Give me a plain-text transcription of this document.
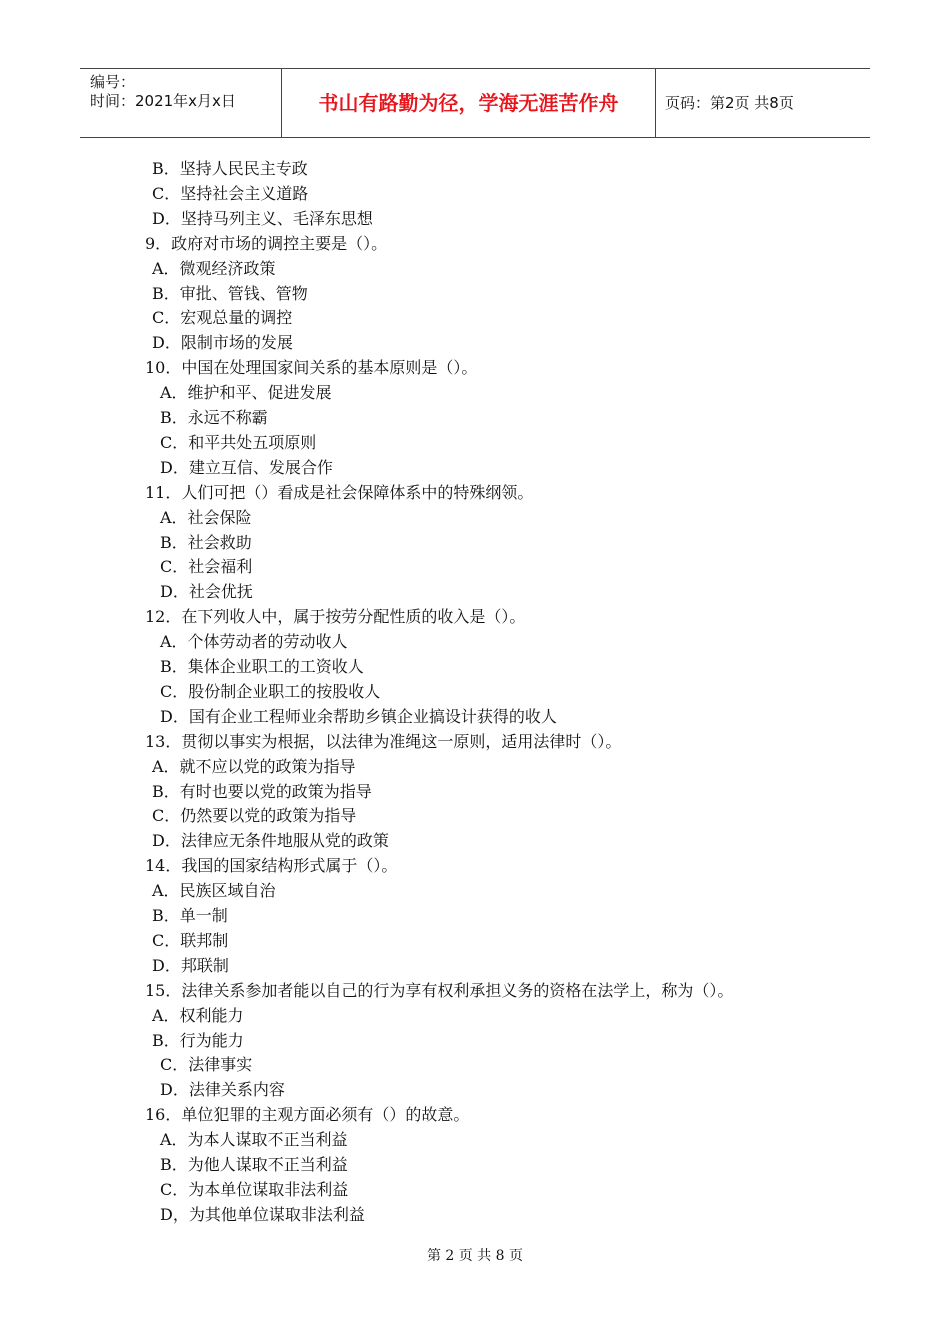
编号：
时间：2021年x月x日	书山有路勤为径，学海无涯苦作舟	页码：第2页 共8页
B．坚持人民民主专政
C．坚持社会主义道路
D．坚持马列主义、毛泽东思想
9．政府对市场的调控主要是（）。
A．微观经济政策
B．审批、管钱、管物
C．宏观总量的调控
D．限制市场的发展
10．中国在处理国家间关系的基本原则是（）。
A．维护和平、促进发展
B．永远不称霸
C．和平共处五项原则
D．建立互信、发展合作
11．人们可把（）看成是社会保障体系中的特殊纲领。
A．社会保险
B．社会救助
C．社会福利
D．社会优抚
12．在下列收人中，属于按劳分配性质的收入是（）。
A．个体劳动者的劳动收人
B．集体企业职工的工资收人
C．股份制企业职工的按股收人
D．国有企业工程师业余帮助乡镇企业搞设计获得的收人
13．贯彻以事实为根据，以法律为准绳这一原则，适用法律时（）。
A．就不应以党的政策为指导
B．有时也要以党的政策为指导
C．仍然要以党的政策为指导
D．法律应无条件地服从党的政策
14．我国的国家结构形式属于（）。
A．民族区域自治
B．单一制
C．联邦制
D．邦联制
15．法律关系参加者能以自己的行为享有权利承担义务的资格在法学上，称为（）。
A．权利能力
B．行为能力
C．法律事实
D．法律关系内容
16．单位犯罪的主观方面必须有（）的故意。
A．为本人谋取不正当利益
B．为他人谋取不正当利益
C．为本单位谋取非法利益
D，为其他单位谋取非法利益
第 2 页 共 8 页
